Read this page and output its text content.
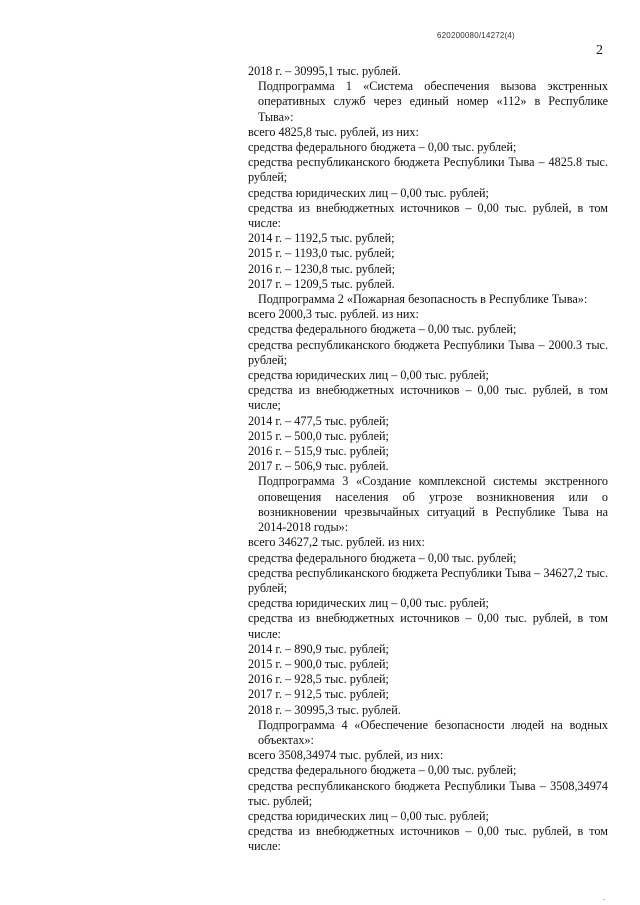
620200080/14272(4)
2
2018 г. – 30995,1 тыс. рублей.
Подпрограмма 1 «Система обеспечения вызова экстренных оперативных служб через единый номер «112» в Республике Тыва»:
всего 4825,8 тыс. рублей, из них:
средства федерального бюджета – 0,00 тыс. рублей;
средства республиканского бюджета Республики Тыва – 4825.8 тыс. рублей;
средства юридических лиц – 0,00 тыс. рублей;
средства из внебюджетных источников – 0,00 тыс. рублей, в том числе:
2014 г. – 1192,5 тыс. рублей;
2015 г. – 1193,0 тыс. рублей;
2016 г. – 1230,8 тыс. рублей;
2017 г. – 1209,5 тыс. рублей.
Подпрограмма 2 «Пожарная безопасность в Республике Тыва»:
всего 2000,3 тыс. рублей. из них:
средства федерального бюджета – 0,00 тыс. рублей;
средства республиканского бюджета Республики Тыва – 2000.3 тыс. рублей;
средства юридических лиц – 0,00 тыс. рублей;
средства из внебюджетных источников – 0,00 тыс. рублей, в том числе;
2014 г. – 477,5 тыс. рублей;
2015 г. – 500,0 тыс. рублей;
2016 г. – 515,9 тыс. рублей;
2017 г. – 506,9 тыс. рублей.
Подпрограмма 3 «Создание комплексной системы экстренного оповещения населения об угрозе возникновения или о возникновении чрезвычайных ситуаций в Республике Тыва на 2014-2018 годы»:
всего 34627,2 тыс. рублей. из них:
средства федерального бюджета – 0,00 тыс. рублей;
средства республиканского бюджета Республики Тыва – 34627,2 тыс. рублей;
средства юридических лиц – 0,00 тыс. рублей;
средства из внебюджетных источников – 0,00 тыс. рублей, в том числе:
2014 г. – 890,9 тыс. рублей;
2015 г. – 900,0 тыс. рублей;
2016 г. – 928,5 тыс. рублей;
2017 г. – 912,5 тыс. рублей;
2018 г. – 30995,3 тыс. рублей.
Подпрограмма 4 «Обеспечение безопасности людей на водных объектах»:
всего 3508,34974 тыс. рублей, из них:
средства федерального бюджета – 0,00 тыс. рублей;
средства республиканского бюджета Республики Тыва – 3508,34974 тыс. рублей;
средства юридических лиц – 0,00 тыс. рублей;
средства из внебюджетных источников – 0,00 тыс. рублей, в том числе:
.
